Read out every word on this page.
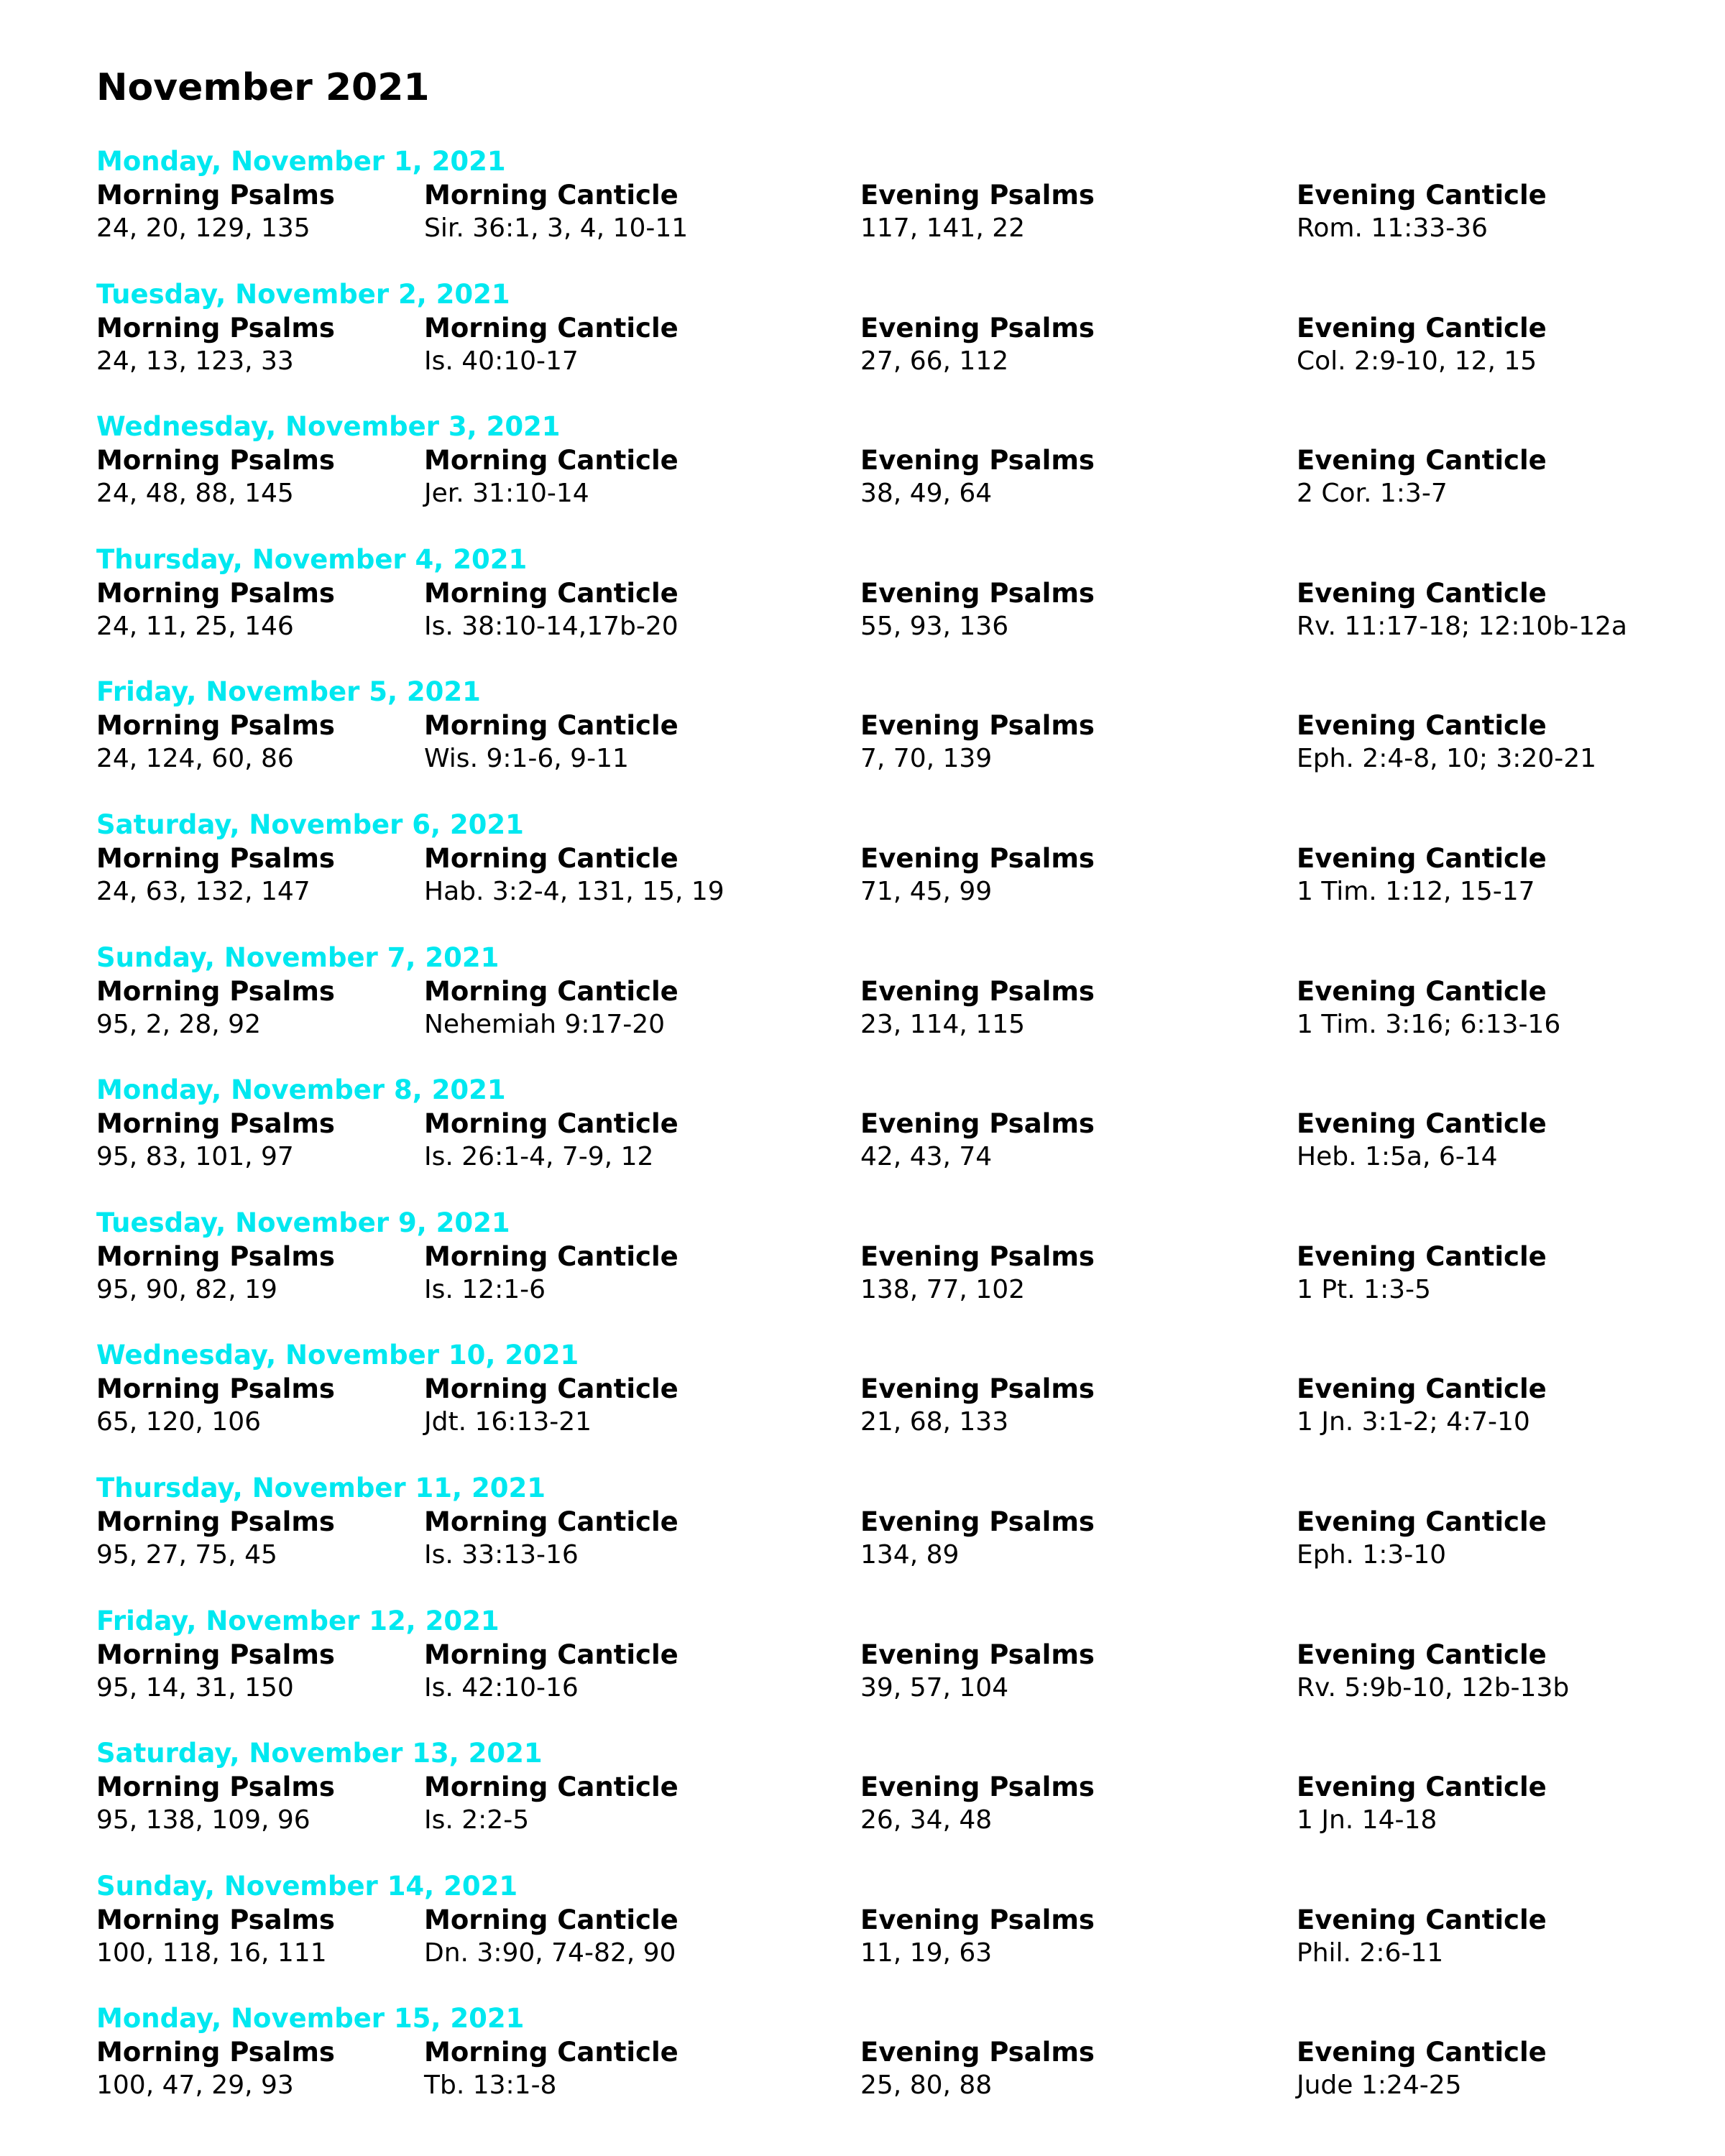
November 2021
Monday, November 1, 2021
Morning Psalms
24, 20, 129, 135
Morning Canticle
Sir. 36:1, 3, 4, 10-11
Evening Psalms
117, 141, 22
Evening Canticle
Rom. 11:33-36
Tuesday, November 2, 2021
Morning Psalms
24, 13, 123, 33
Morning Canticle
Is. 40:10-17
Evening Psalms
27, 66, 112
Evening Canticle
Col. 2:9-10, 12, 15
Wednesday, November 3, 2021
Morning Psalms
24, 48, 88, 145
Morning Canticle
Jer. 31:10-14
Evening Psalms
38, 49, 64
Evening Canticle
2 Cor. 1:3-7
Thursday, November 4, 2021
Morning Psalms
24, 11, 25, 146
Morning Canticle
Is. 38:10-14,17b-20
Evening Psalms
55, 93, 136
Evening Canticle
Rv. 11:17-18; 12:10b-12a
Friday, November 5, 2021
Morning Psalms
24, 124, 60, 86
Morning Canticle
Wis. 9:1-6, 9-11
Evening Psalms
7, 70, 139
Evening Canticle
Eph. 2:4-8, 10; 3:20-21
Saturday, November 6, 2021
Morning Psalms
24, 63, 132, 147
Morning Canticle
Hab. 3:2-4, 131, 15, 19
Evening Psalms
71, 45, 99
Evening Canticle
1 Tim. 1:12, 15-17
Sunday, November 7, 2021
Morning Psalms
95, 2, 28, 92
Morning Canticle
Nehemiah 9:17-20
Evening Psalms
23, 114, 115
Evening Canticle
1 Tim. 3:16; 6:13-16
Monday, November 8, 2021
Morning Psalms
95, 83, 101, 97
Morning Canticle
Is. 26:1-4, 7-9, 12
Evening Psalms
42, 43, 74
Evening Canticle
Heb. 1:5a, 6-14
Tuesday, November 9, 2021
Morning Psalms
95, 90, 82, 19
Morning Canticle
Is. 12:1-6
Evening Psalms
138, 77, 102
Evening Canticle
1 Pt. 1:3-5
Wednesday, November 10, 2021
Morning Psalms
65, 120, 106
Morning Canticle
Jdt. 16:13-21
Evening Psalms
21, 68, 133
Evening Canticle
1 Jn. 3:1-2; 4:7-10
Thursday, November 11, 2021
Morning Psalms
95, 27, 75, 45
Morning Canticle
Is. 33:13-16
Evening Psalms
134, 89
Evening Canticle
Eph. 1:3-10
Friday, November 12, 2021
Morning Psalms
95, 14, 31, 150
Morning Canticle
Is. 42:10-16
Evening Psalms
39, 57, 104
Evening Canticle
Rv. 5:9b-10, 12b-13b
Saturday, November 13, 2021
Morning Psalms
95, 138, 109, 96
Morning Canticle
Is. 2:2-5
Evening Psalms
26, 34, 48
Evening Canticle
1 Jn. 14-18
Sunday, November 14, 2021
Morning Psalms
100, 118, 16, 111
Morning Canticle
Dn. 3:90, 74-82, 90
Evening Psalms
11, 19, 63
Evening Canticle
Phil. 2:6-11
Monday, November 15, 2021
Morning Psalms
100, 47, 29, 93
Morning Canticle
Tb. 13:1-8
Evening Psalms
25, 80, 88
Evening Canticle
Jude 1:24-25
